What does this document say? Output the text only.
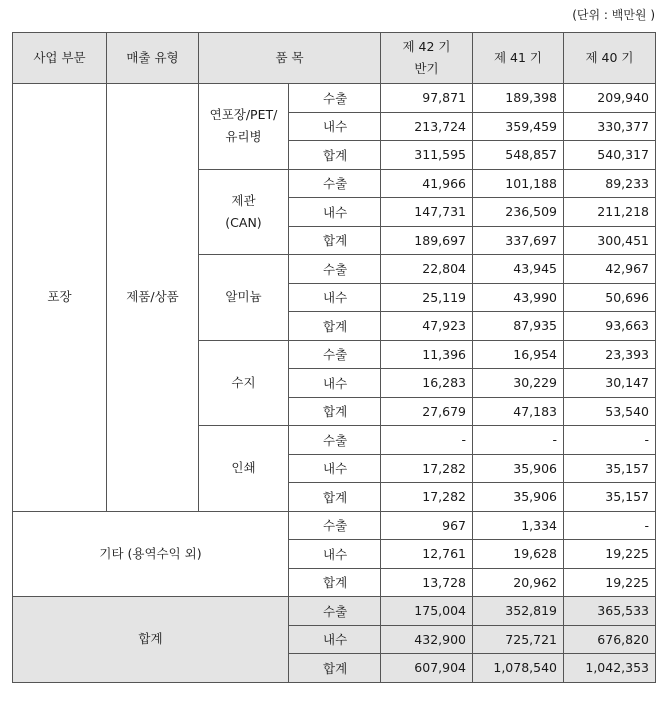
(단위 : 백만원 )
사업 부문	매출 유형	품 목		제 42 기
반기	제 41 기	제 40 기
포장	제품/상품	연포장/PET/
유리병	수출	97,871	189,398	209,940
			내수	213,724	359,459	330,377
			합계	311,595	548,857	540,317
		제관
(CAN)	수출	41,966	101,188	89,233
			내수	147,731	236,509	211,218
			합계	189,697	337,697	300,451
		알미늄	수출	22,804	43,945	42,967
			내수	25,119	43,990	50,696
			합계	47,923	87,935	93,663
		수지	수출	11,396	16,954	23,393
			내수	16,283	30,229	30,147
			합계	27,679	47,183	53,540
		인쇄	수출	-	-	-
			내수	17,282	35,906	35,157
			합계	17,282	35,906	35,157
기타 (용역수익 외)			수출	967	1,334	-
			내수	12,761	19,628	19,225
			합계	13,728	20,962	19,225
합계			수출	175,004	352,819	365,533
			내수	432,900	725,721	676,820
			합계	607,904	1,078,540	1,042,353
